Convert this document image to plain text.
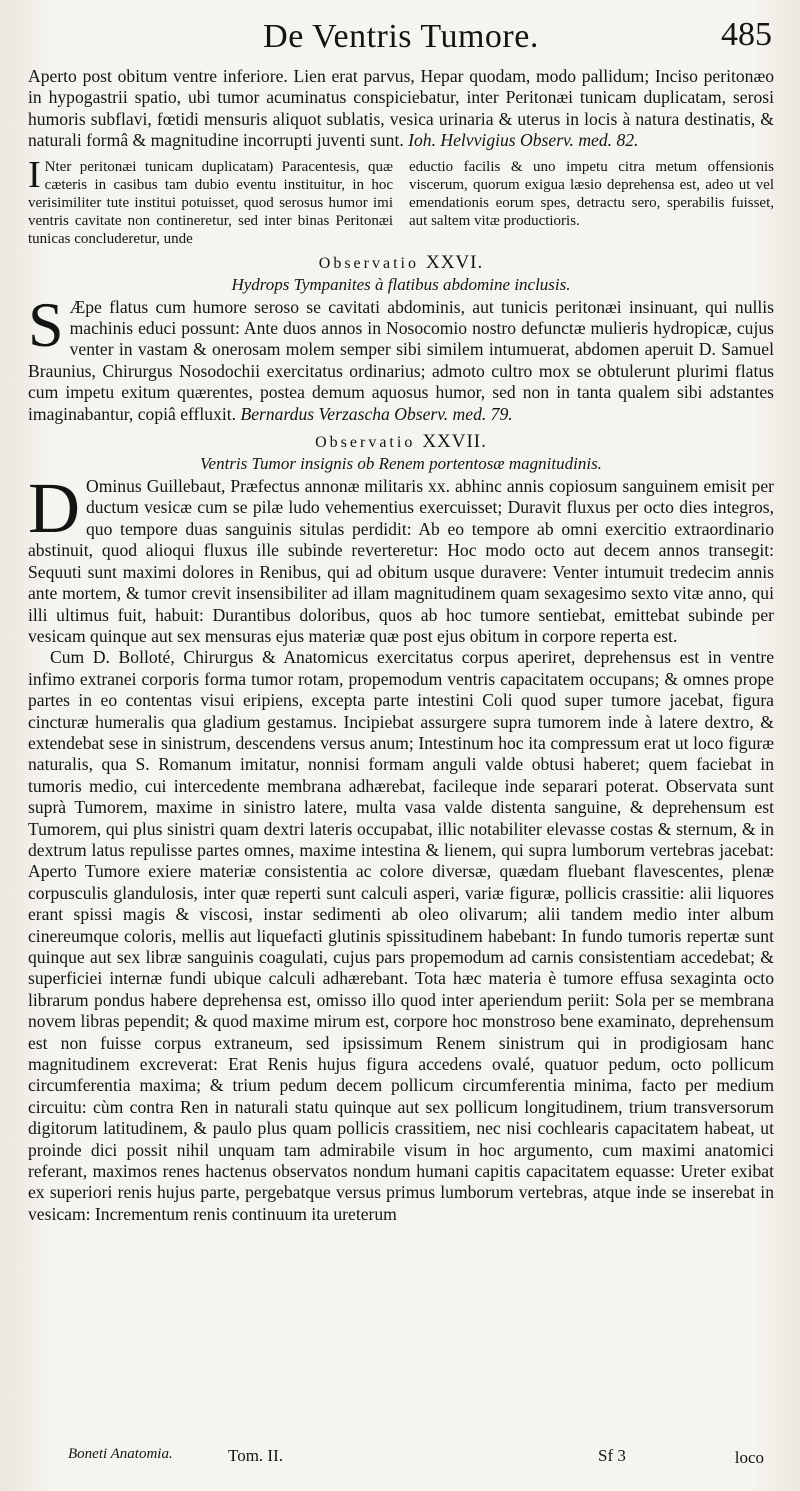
De Ventris Tumore.	485

Aperto post obitum ventre inferiore. Lien erat parvus, Hepar quodam, modo pallidum; Inciso peritonæo in hypogastrii spatio, ubi tumor acuminatus conspiciebatur, inter Peritonæi tunicam duplicatam, serosi humoris subflavi, fœtidi mensuris aliquot sublatis, vesica urinaria & uterus in locis à natura destinatis, & naturali formâ & magnitudine incorrupti juventi sunt. Ioh. Helvvigius Observ. med. 82.

I Nter peritonæi tunicam duplicatam) Paracentesis, quæ cæteris in casibus tam dubio eventu instituitur, in hoc verisimiliter tute institui potuisset, quod serosus humor imi ventris cavitate non contineretur, sed inter binas Peritonæi tunicas concluderetur, unde
eductio facilis & uno impetu citra metum offensionis viscerum, quorum exigua læsio deprehensa est, adeo ut vel emendationis eorum spes, detractu sero, sperabilis fuisset, aut saltem vitæ productioris.
Observatio XXVI.

Hydrops Tympanites à flatibus abdomine inclusis.

S Æpe flatus cum humore seroso se cavitati abdominis, aut tunicis peritonæi insinuant, qui nullis machinis educi possunt: Ante duos annos in Nosocomio nostro defunctæ mulieris hydropicæ, cujus venter in vastam & onerosam molem semper sibi similem intumuerat, abdomen aperuit D. Samuel Braunius, Chirurgus Nosodochii exercitatus ordinarius; admoto cultro mox se obtulerunt plurimi flatus cum impetu exitum quærentes, postea demum aquosus humor, sed non in tanta qualem sibi adstantes imaginabantur, copiâ effluxit. Bernardus Verzascha Observ. med. 79.

Observatio XXVII.

Ventris Tumor insignis ob Renem portentosæ magnitudinis.

D Ominus Guillebaut, Præfectus annonæ militaris xx. abhinc annis copiosum sanguinem emisit per ductum vesicæ cum se pilæ ludo vehementius exercuisset; Duravit fluxus per octo dies integros, quo tempore duas sanguinis situlas perdidit: Ab eo tempore ab omni exercitio extraordinario abstinuit, quod alioqui fluxus ille subinde reverteretur: Hoc modo octo aut decem annos transegit: Sequuti sunt maximi dolores in Renibus, qui ad obitum usque duravere: Venter intumuit tredecim annis ante mortem, & tumor crevit insensibiliter ad illam magnitudinem quam sexagesimo sexto vitæ anno, qui illi ultimus fuit, habuit: Durantibus doloribus, quos ab hoc tumore sentiebat, emittebat subinde per vesicam quinque aut sex mensuras ejus materiæ quæ post ejus obitum in corpore reperta est.

Cum D. Bolloté, Chirurgus & Anatomicus exercitatus corpus aperiret, deprehensus est in ventre infimo extranei corporis forma tumor rotam, propemodum ventris capacitatem occupans; & omnes prope partes in eo contentas visui eripiens, excepta parte intestini Coli quod super tumore jacebat, figura cincturæ humeralis qua gladium gestamus. Incipiebat assurgere supra tumorem inde à latere dextro, & extendebat sese in sinistrum, descendens versus anum; Intestinum hoc ita compressum erat ut loco figuræ naturalis, qua S. Romanum imitatur, nonnisi formam anguli valde obtusi haberet; quem faciebat in tumoris medio, cui intercedente membrana adhærebat, facileque inde separari poterat. Observata sunt suprà Tumorem, maxime in sinistro latere, multa vasa valde distenta sanguine, & deprehensum est Tumorem, qui plus sinistri quam dextri lateris occupabat, illic notabiliter elevasse costas & sternum, & in dextrum latus repulisse partes omnes, maxime intestina & lienem, qui supra lumborum vertebras jacebat: Aperto Tumore exiere materiæ consistentia ac colore diversæ, quædam fluebant flavescentes, plenæ corpusculis glandulosis, inter quæ reperti sunt calculi asperi, variæ figuræ, pollicis crassitie: alii liquores erant spissi magis & viscosi, instar sedimenti ab oleo olivarum; alii tandem medio inter album cinereumque coloris, mellis aut liquefacti glutinis spissitudinem habebant: In fundo tumoris repertæ sunt quinque aut sex libræ sanguinis coagulati, cujus pars propemodum ad carnis consistentiam accedebat; & superficiei internæ fundi ubique calculi adhærebant. Tota hæc materia è tumore effusa sexaginta octo librarum pondus habere deprehensa est, omisso illo quod inter aperiendum periit: Sola per se membrana novem libras pependit; & quod maxime mirum est, corpore hoc monstroso bene examinato, deprehensum est non fuisse corpus extraneum, sed ipsissimum Renem sinistrum qui in prodigiosam hanc magnitudinem excreverat: Erat Renis hujus figura accedens ovalé, quatuor pedum, octo pollicum circumferentia maxima; & trium pedum decem pollicum circumferentia minima, facto per medium circuitu: cùm contra Ren in naturali statu quinque aut sex pollicum longitudinem, trium transversorum digitorum latitudinem, & paulo plus quam pollicis crassitiem, nec nisi cochlearis capacitatem habeat, ut proinde dici possit nihil unquam tam admirabile visum in hoc argumento, cum maximi anatomici referant, maximos renes hactenus observatos nondum humani capitis capacitatem equasse: Ureter exibat ex superiori renis hujus parte, pergebatque versus primus lumborum vertebras, atque inde se inserebat in vesicam: Incrementum renis continuum ita ureterum

Boneti Anatomia.	Tom. II.	Sf 3	loco
